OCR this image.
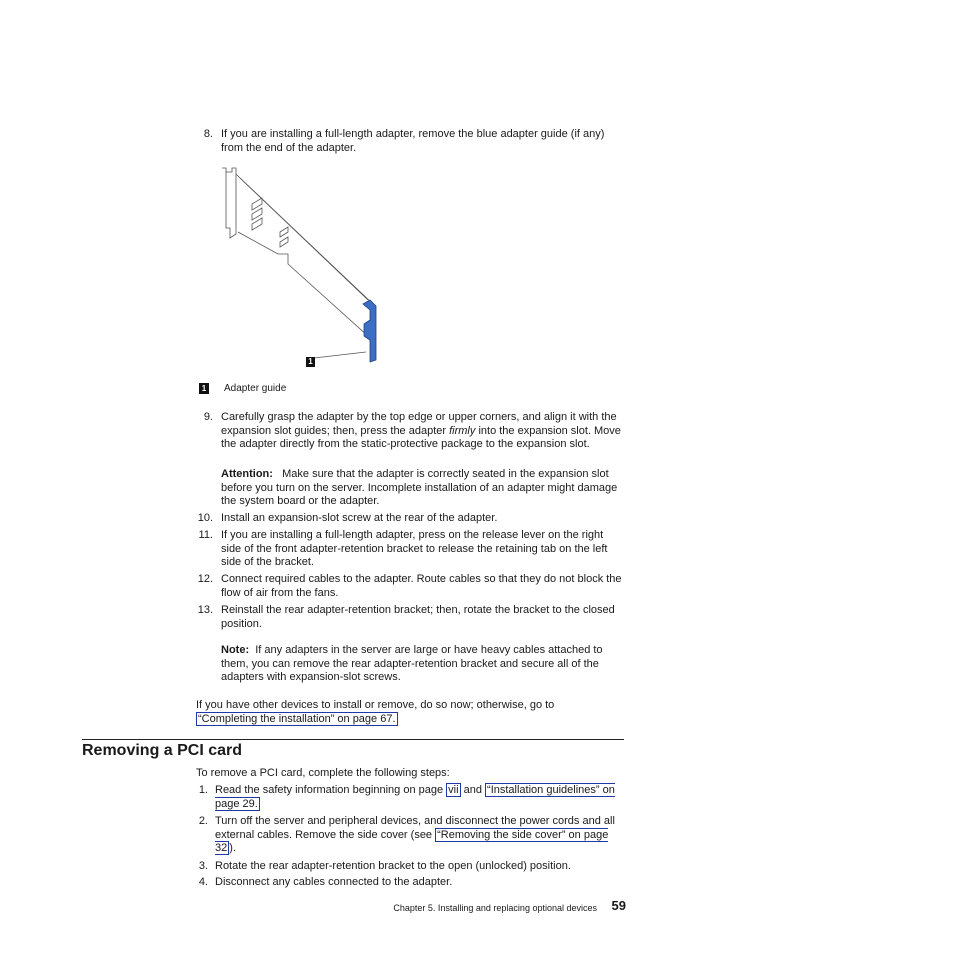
8. If you are installing a full-length adapter, remove the blue adapter guide (if any) from the end of the adapter.
1
1 Adapter guide
9. Carefully grasp the adapter by the top edge or upper corners, and align it with the expansion slot guides; then, press the adapter firmly into the expansion slot. Move the adapter directly from the static-protective package to the expansion slot.
Attention: Make sure that the adapter is correctly seated in the expansion slot before you turn on the server. Incomplete installation of an adapter might damage the system board or the adapter.
10. Install an expansion-slot screw at the rear of the adapter.
11. If you are installing a full-length adapter, press on the release lever on the right side of the front adapter-retention bracket to release the retaining tab on the left side of the bracket.
12. Connect required cables to the adapter. Route cables so that they do not block the flow of air from the fans.
13. Reinstall the rear adapter-retention bracket; then, rotate the bracket to the closed position.
Note: If any adapters in the server are large or have heavy cables attached to them, you can remove the rear adapter-retention bracket and secure all of the adapters with expansion-slot screws.
If you have other devices to install or remove, do so now; otherwise, go to
“Completing the installation” on page 67.
Removing a PCI card
To remove a PCI card, complete the following steps:
1. Read the safety information beginning on page vii and “Installation guidelines” on page 29.
2. Turn off the server and peripheral devices, and disconnect the power cords and all external cables. Remove the side cover (see “Removing the side cover” on page 32 ).
3. Rotate the rear adapter-retention bracket to the open (unlocked) position.
4. Disconnect any cables connected to the adapter.
Chapter 5. Installing and replacing optional devices	59
